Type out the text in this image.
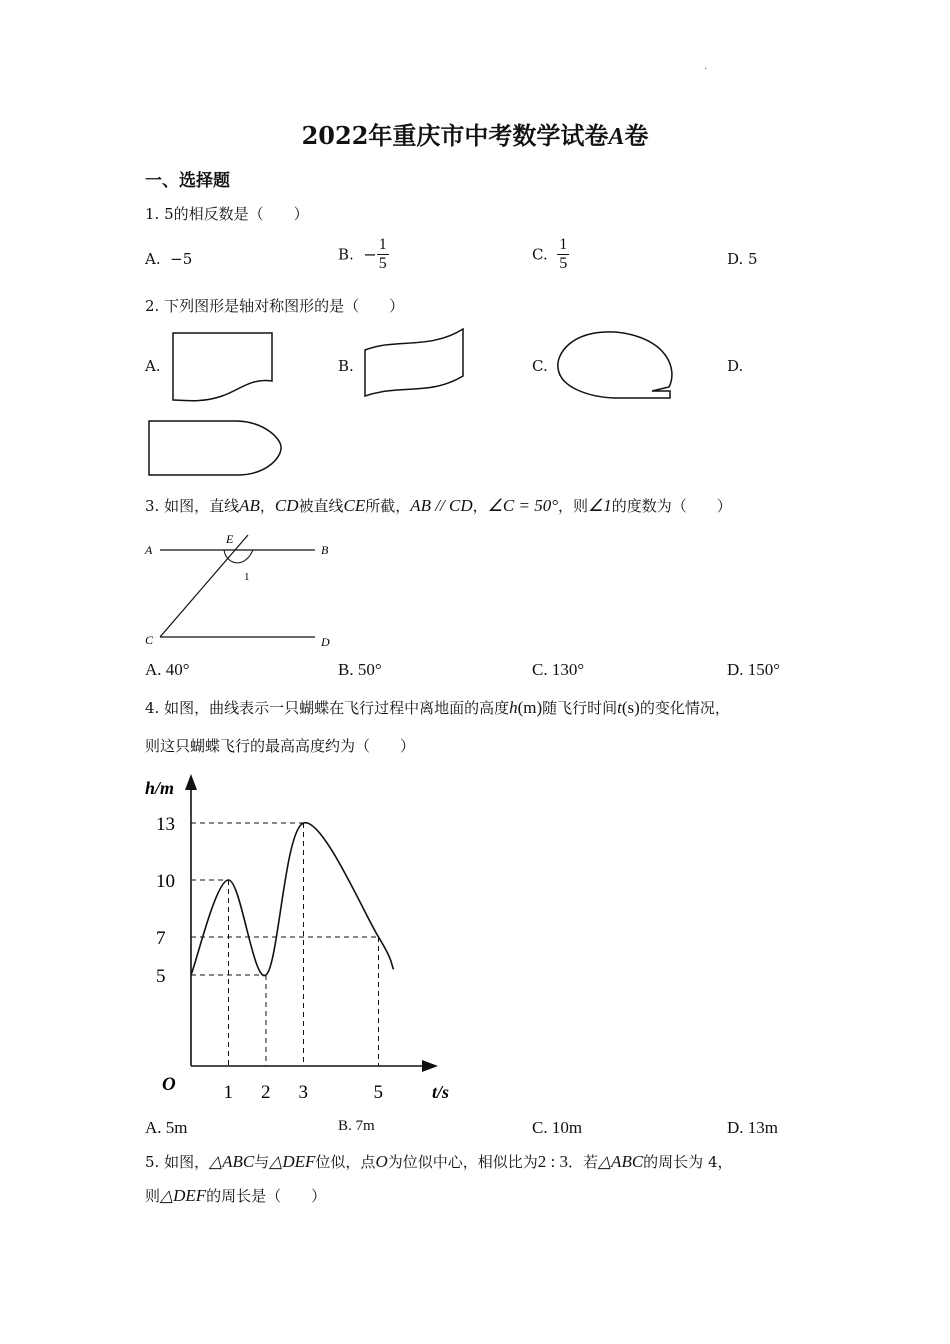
·
2022年重庆市中考数学试卷A卷
一、选择题
1. 5的相反数是（　　）
A. −5	B. − $\frac{1}{5}$	C. $\frac{1}{5}$	D. 5
2. 下列图形是轴对称图形的是（　　）
A.	B.	C.	D.
3. 如图，直线AB，CD被直线CE所截，AB // CD，∠C = 50°，则∠1的度数为（　　）
A	B
E
C	D
1
A. 40°	B. 50°	C. 130°	D. 150°
4. 如图，曲线表示一只蝴蝶在飞行过程中离地面的高度h(m)随飞行时间t(s)的变化情况，
则这只蝴蝶飞行的最高高度约为（　　）
h/m
t/s
O
13
10
7
5
1 2 3	5
A. 5m	B. 7m	C. 10m	D. 13m
5. 如图，△ABC与△DEF位似，点O为位似中心，相似比为2 : 3．若△ABC的周长为 4，
则△DEF的周长是（　　）
